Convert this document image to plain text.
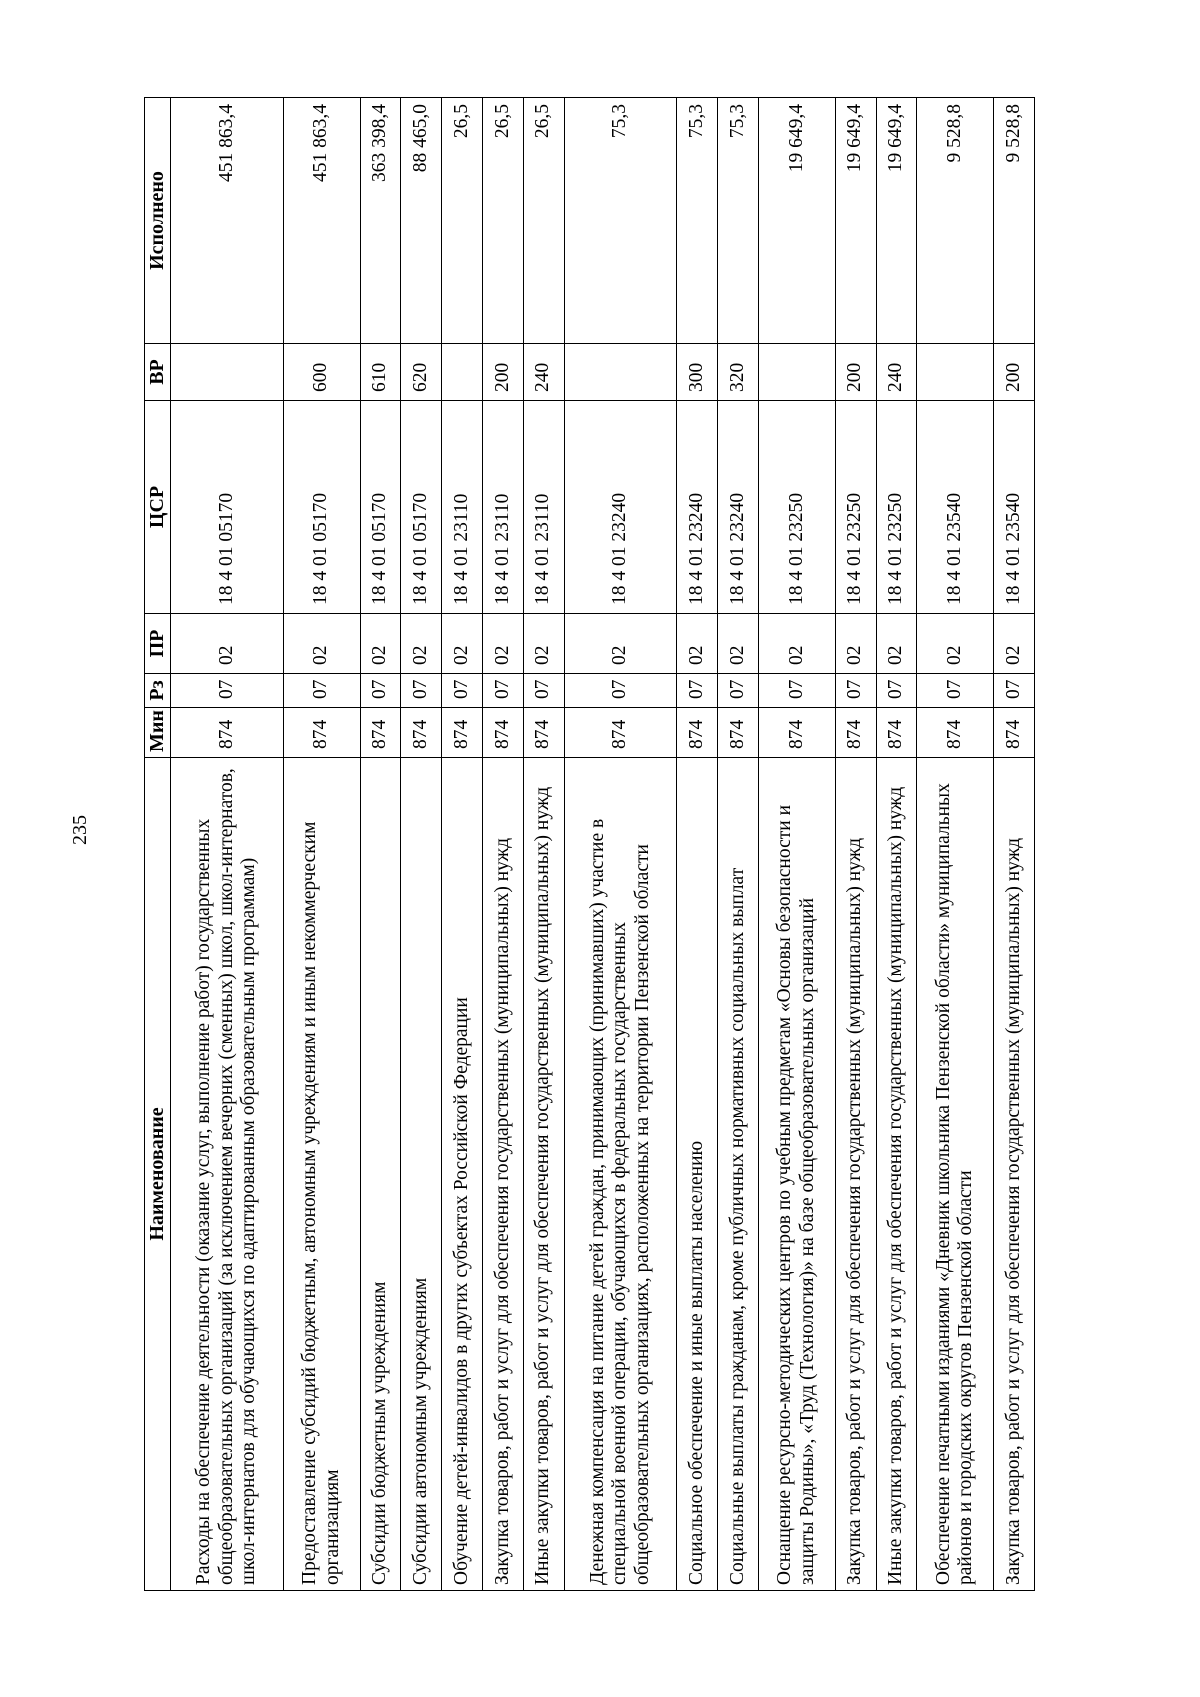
235
Наименование	Мин	Рз	ПР	ЦСР	ВР	Исполнено
Расходы на обеспечение деятельности (оказание услуг, выполнение работ) государственных общеобразовательных организаций (за исключением вечерних (сменных) школ, школ-интернатов, школ-интернатов для обучающихся по адаптированным образовательным программам)	874	07	02	18 4 01 05170		451 863,4
Предоставление субсидий бюджетным, автономным учреждениям и иным некоммерческим организациям	874	07	02	18 4 01 05170	600	451 863,4
Субсидии бюджетным учреждениям	874	07	02	18 4 01 05170	610	363 398,4
Субсидии автономным учреждениям	874	07	02	18 4 01 05170	620	88 465,0
Обучение детей-инвалидов в других субъектах Российской Федерации	874	07	02	18 4 01 23110		26,5
Закупка товаров, работ и услуг для обеспечения государственных (муниципальных) нужд	874	07	02	18 4 01 23110	200	26,5
Иные закупки товаров, работ и услуг для обеспечения государственных (муниципальных) нужд	874	07	02	18 4 01 23110	240	26,5
Денежная компенсация на питание детей граждан, принимающих (принимавших) участие в специальной военной операции, обучающихся в федеральных государственных общеобразовательных организациях, расположенных на территории Пензенской области	874	07	02	18 4 01 23240		75,3
Социальное обеспечение и иные выплаты населению	874	07	02	18 4 01 23240	300	75,3
Социальные выплаты гражданам, кроме публичных нормативных социальных выплат	874	07	02	18 4 01 23240	320	75,3
Оснащение ресурсно-методических центров по учебным предметам «Основы безопасности и защиты Родины», «Труд (Технология)» на базе общеобразовательных организаций	874	07	02	18 4 01 23250		19 649,4
Закупка товаров, работ и услуг для обеспечения государственных (муниципальных) нужд	874	07	02	18 4 01 23250	200	19 649,4
Иные закупки товаров, работ и услуг для обеспечения государственных (муниципальных) нужд	874	07	02	18 4 01 23250	240	19 649,4
Обеспечение печатными изданиями «Дневник школьника Пензенской области» муниципальных районов и городских округов Пензенской области	874	07	02	18 4 01 23540		9 528,8
Закупка товаров, работ и услуг для обеспечения государственных (муниципальных) нужд	874	07	02	18 4 01 23540	200	9 528,8
